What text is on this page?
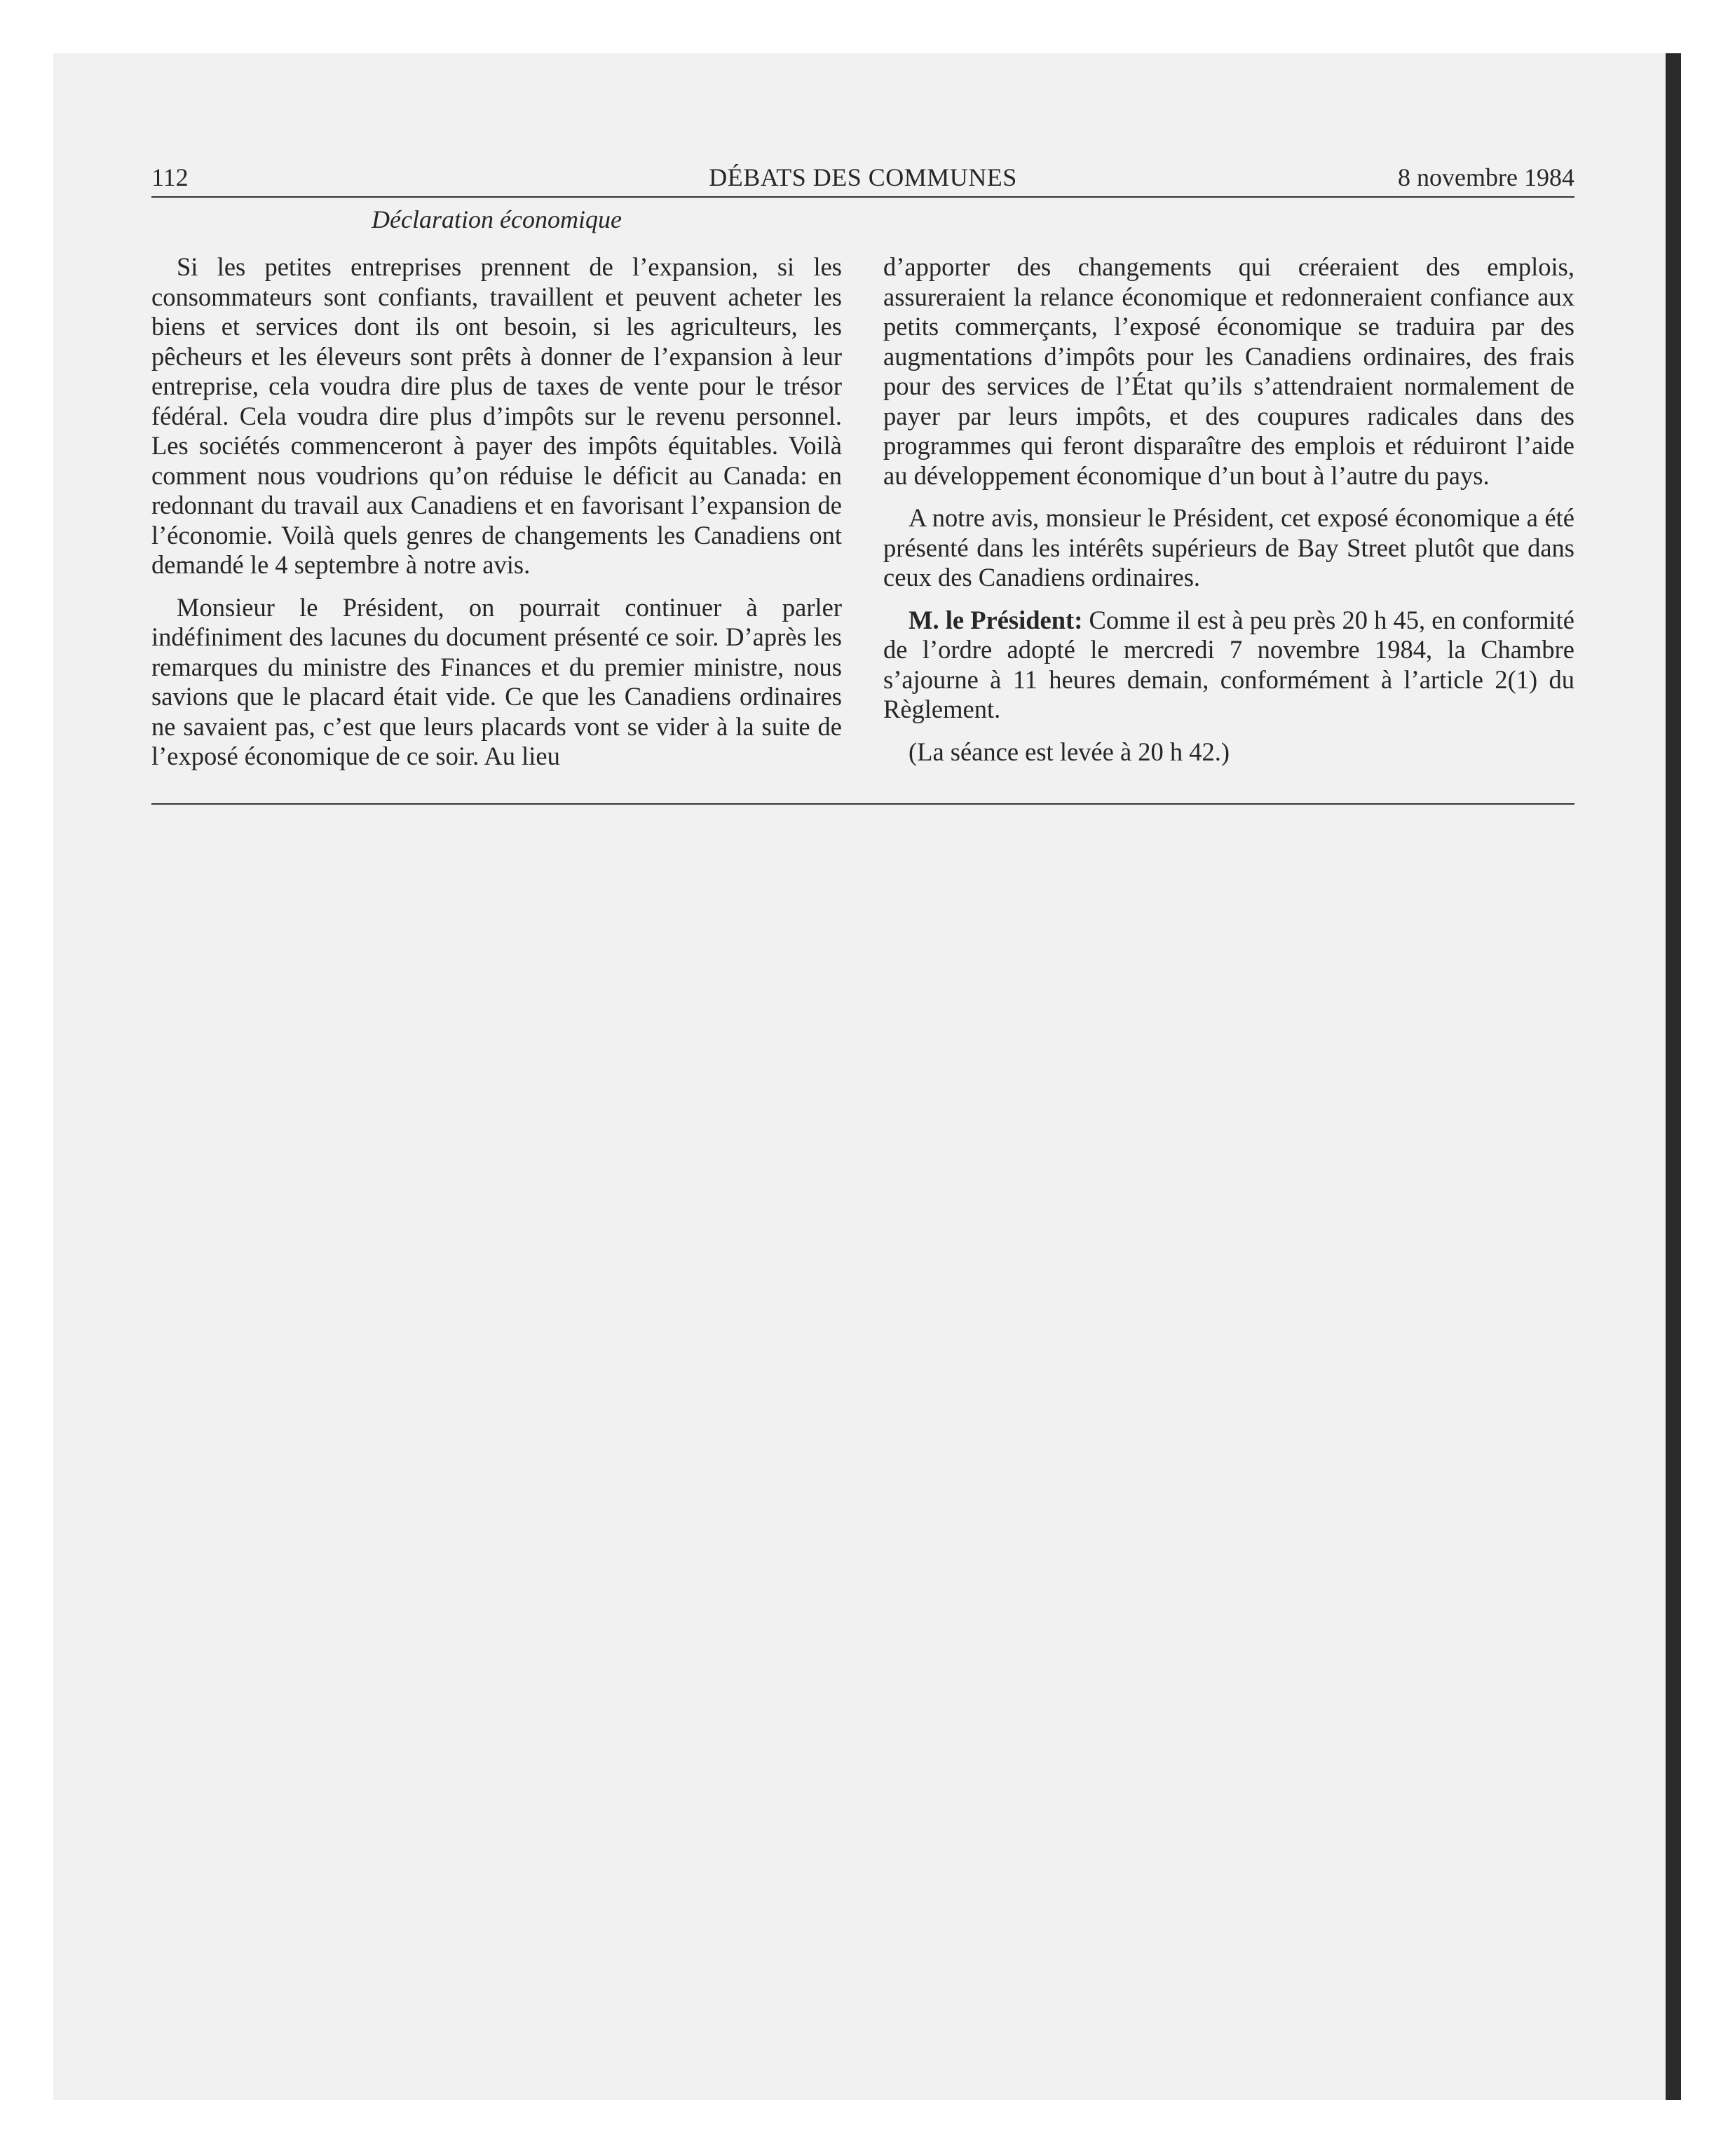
112	DÉBATS DES COMMUNES	8 novembre 1984
Déclaration économique

Si les petites entreprises prennent de l’expansion, si les consommateurs sont confiants, travaillent et peuvent acheter les biens et services dont ils ont besoin, si les agriculteurs, les pêcheurs et les éleveurs sont prêts à donner de l’expansion à leur entreprise, cela voudra dire plus de taxes de vente pour le trésor fédéral. Cela voudra dire plus d’impôts sur le revenu personnel. Les sociétés commenceront à payer des impôts équitables. Voilà comment nous voudrions qu’on réduise le déficit au Canada: en redonnant du travail aux Canadiens et en favorisant l’expansion de l’économie. Voilà quels genres de changements les Canadiens ont demandé le 4 septembre à notre avis.

Monsieur le Président, on pourrait continuer à parler indéfiniment des lacunes du document présenté ce soir. D’après les remarques du ministre des Finances et du premier ministre, nous savions que le placard était vide. Ce que les Canadiens ordinaires ne savaient pas, c’est que leurs placards vont se vider à la suite de l’exposé économique de ce soir. Au lieu

d’apporter des changements qui créeraient des emplois, assureraient la relance économique et redonneraient confiance aux petits commerçants, l’exposé économique se traduira par des augmentations d’impôts pour les Canadiens ordinaires, des frais pour des services de l’État qu’ils s’attendraient normalement de payer par leurs impôts, et des coupures radicales dans des programmes qui feront disparaître des emplois et réduiront l’aide au développement économique d’un bout à l’autre du pays.

A notre avis, monsieur le Président, cet exposé économique a été présenté dans les intérêts supérieurs de Bay Street plutôt que dans ceux des Canadiens ordinaires.

M. le Président: Comme il est à peu près 20 h 45, en conformité de l’ordre adopté le mercredi 7 novembre 1984, la Chambre s’ajourne à 11 heures demain, conformément à l’article 2(1) du Règlement.

(La séance est levée à 20 h 42.)
